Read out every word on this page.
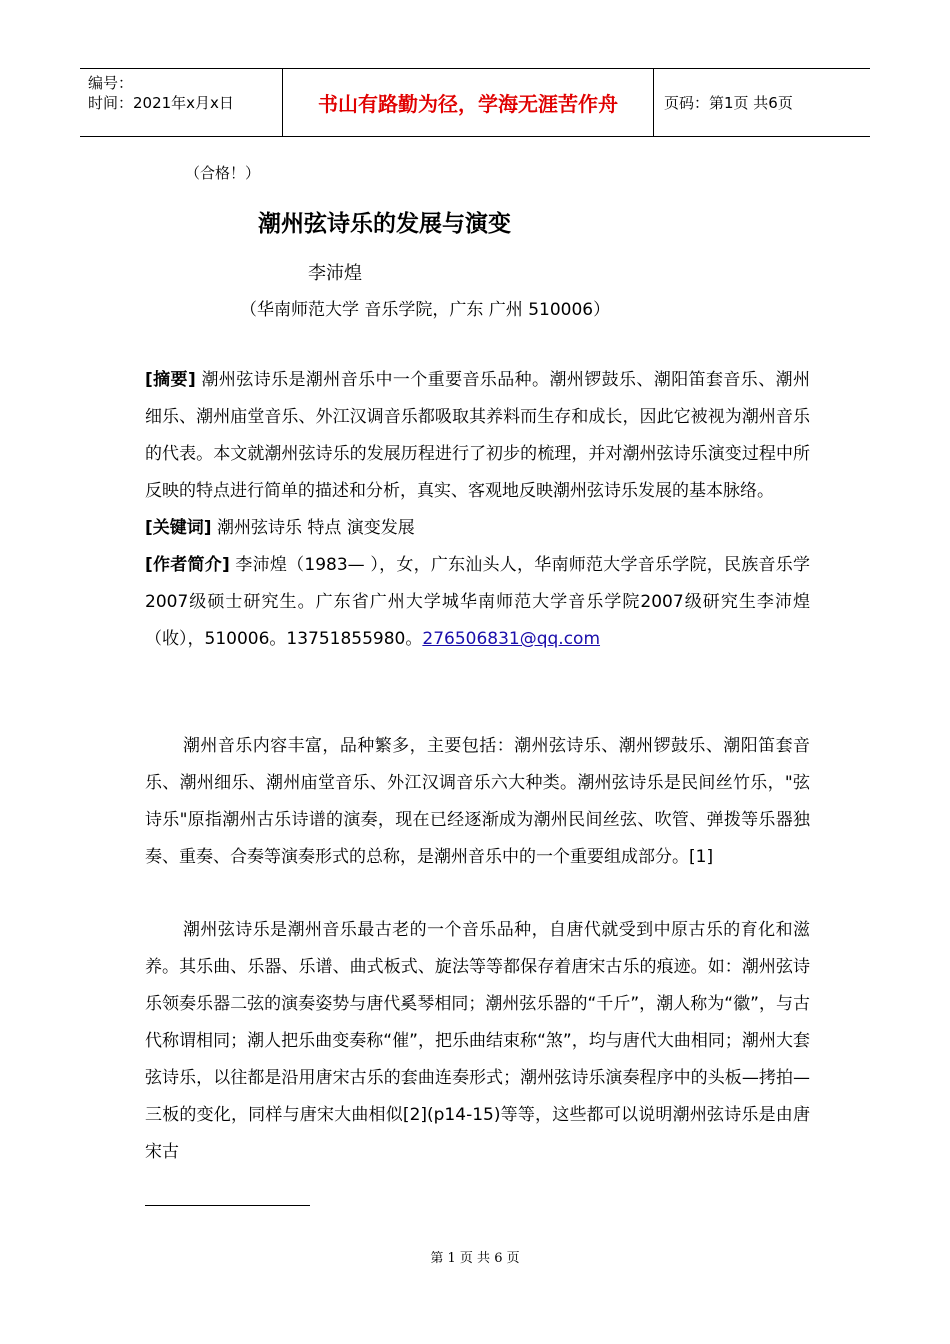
编号：
时间：2021年x月x日	书山有路勤为径，学海无涯苦作舟	页码：第1页 共6页
（合格！）
潮州弦诗乐的发展与演变
李沛煌
（华南师范大学 音乐学院，广东 广州 510006）
[摘要] 潮州弦诗乐是潮州音乐中一个重要音乐品种。潮州锣鼓乐、潮阳笛套音乐、潮州细乐、潮州庙堂音乐、外江汉调音乐都吸取其养料而生存和成长，因此它被视为潮州音乐的代表。本文就潮州弦诗乐的发展历程进行了初步的梳理，并对潮州弦诗乐演变过程中所反映的特点进行简单的描述和分析，真实、客观地反映潮州弦诗乐发展的基本脉络。
[关键词] 潮州弦诗乐 特点 演变发展
[作者简介] 李沛煌（1983— ），女，广东汕头人，华南师范大学音乐学院，民族音乐学2007级硕士研究生。广东省广州大学城华南师范大学音乐学院2007级研究生李沛煌（收），510006。13751855980。276506831@qq.com
潮州音乐内容丰富，品种繁多，主要包括：潮州弦诗乐、潮州锣鼓乐、潮阳笛套音乐、潮州细乐、潮州庙堂音乐、外江汉调音乐六大种类。潮州弦诗乐是民间丝竹乐，"弦诗乐"原指潮州古乐诗谱的演奏，现在已经逐渐成为潮州民间丝弦、吹管、弹拨等乐器独奏、重奏、合奏等演奏形式的总称，是潮州音乐中的一个重要组成部分。[1]
潮州弦诗乐是潮州音乐最古老的一个音乐品种，自唐代就受到中原古乐的育化和滋养。其乐曲、乐器、乐谱、曲式板式、旋法等等都保存着唐宋古乐的痕迹。如：潮州弦诗乐领奏乐器二弦的演奏姿势与唐代奚琴相同；潮州弦乐器的“千斤”，潮人称为“徽”，与古代称谓相同；潮人把乐曲变奏称“催”，把乐曲结束称“煞”，均与唐代大曲相同；潮州大套弦诗乐，以往都是沿用唐宋古乐的套曲连奏形式；潮州弦诗乐演奏程序中的头板—拷拍—三板的变化，同样与唐宋大曲相似[2](p14-15)等等，这些都可以说明潮州弦诗乐是由唐宋古
第 1 页 共 6 页
